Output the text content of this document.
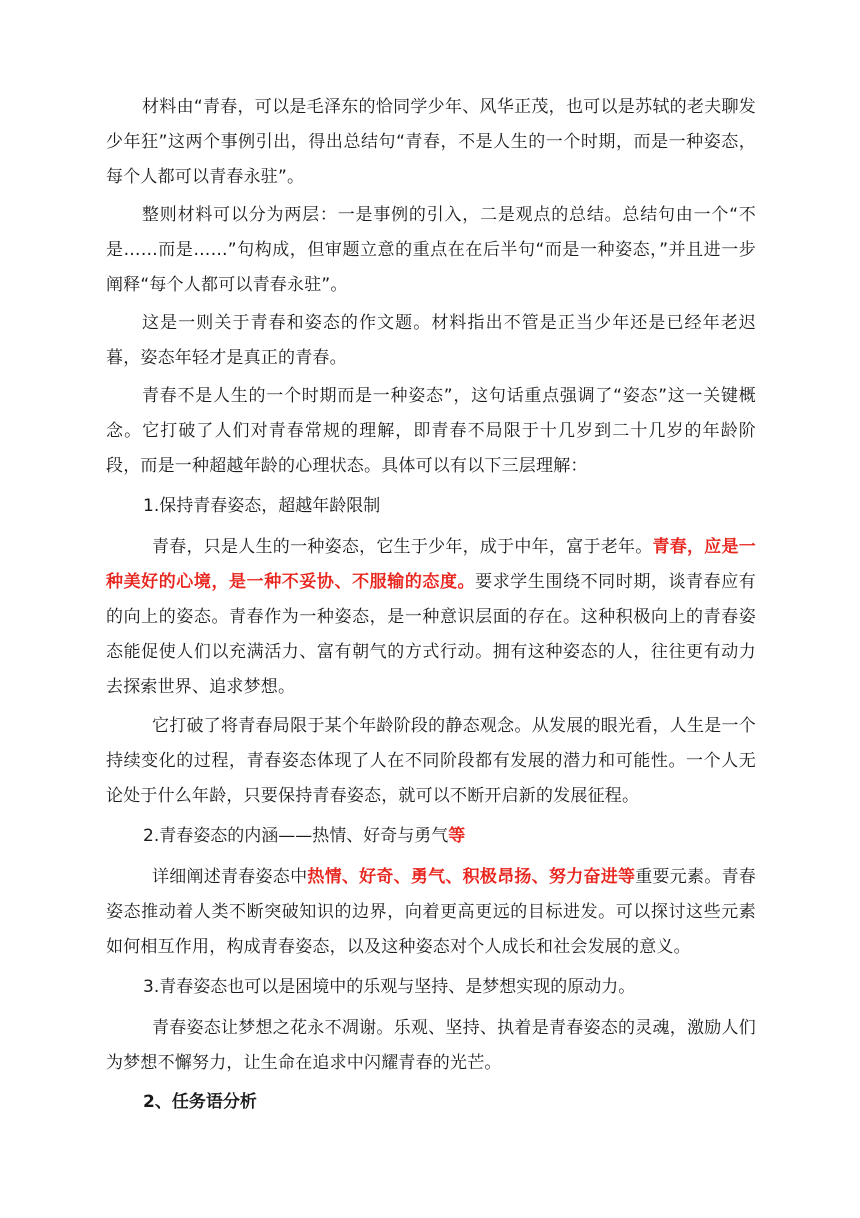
材料由“青春，可以是毛泽东的恰同学少年、风华正茂，也可以是苏轼的老夫聊发少年狂”这两个事例引出，得出总结句“青春，不是人生的一个时期，而是一种姿态，每个人都可以青春永驻”。

整则材料可以分为两层：一是事例的引入，二是观点的总结。总结句由一个“不是……而是……”句构成，但审题立意的重点在在后半句“而是一种姿态，”并且进一步阐释“每个人都可以青春永驻”。

这是一则关于青春和姿态的作文题。材料指出不管是正当少年还是已经年老迟暮，姿态年轻才是真正的青春。

青春不是人生的一个时期而是一种姿态”，这句话重点强调了“姿态”这一关键概念。它打破了人们对青春常规的理解，即青春不局限于十几岁到二十几岁的年龄阶段，而是一种超越年龄的心理状态。具体可以有以下三层理解：

1.保持青春姿态，超越年龄限制

青春，只是人生的一种姿态，它生于少年，成于中年，富于老年。青春，应是一种美好的心境，是一种不妥协、不服输的态度。要求学生围绕不同时期，谈青春应有的向上的姿态。青春作为一种姿态，是一种意识层面的存在。这种积极向上的青春姿态能促使人们以充满活力、富有朝气的方式行动。拥有这种姿态的人，往往更有动力去探索世界、追求梦想。

它打破了将青春局限于某个年龄阶段的静态观念。从发展的眼光看，人生是一个持续变化的过程，青春姿态体现了人在不同阶段都有发展的潜力和可能性。一个人无论处于什么年龄，只要保持青春姿态，就可以不断开启新的发展征程。

2.青春姿态的内涵——热情、好奇与勇气等

详细阐述青春姿态中热情、好奇、勇气、积极昂扬、努力奋进等重要元素。青春姿态推动着人类不断突破知识的边界，向着更高更远的目标进发。可以探讨这些元素如何相互作用，构成青春姿态，以及这种姿态对个人成长和社会发展的意义。

3.青春姿态也可以是困境中的乐观与坚持、是梦想实现的原动力。

青春姿态让梦想之花永不凋谢。乐观、坚持、执着是青春姿态的灵魂，激励人们为梦想不懈努力，让生命在追求中闪耀青春的光芒。

2、任务语分析
